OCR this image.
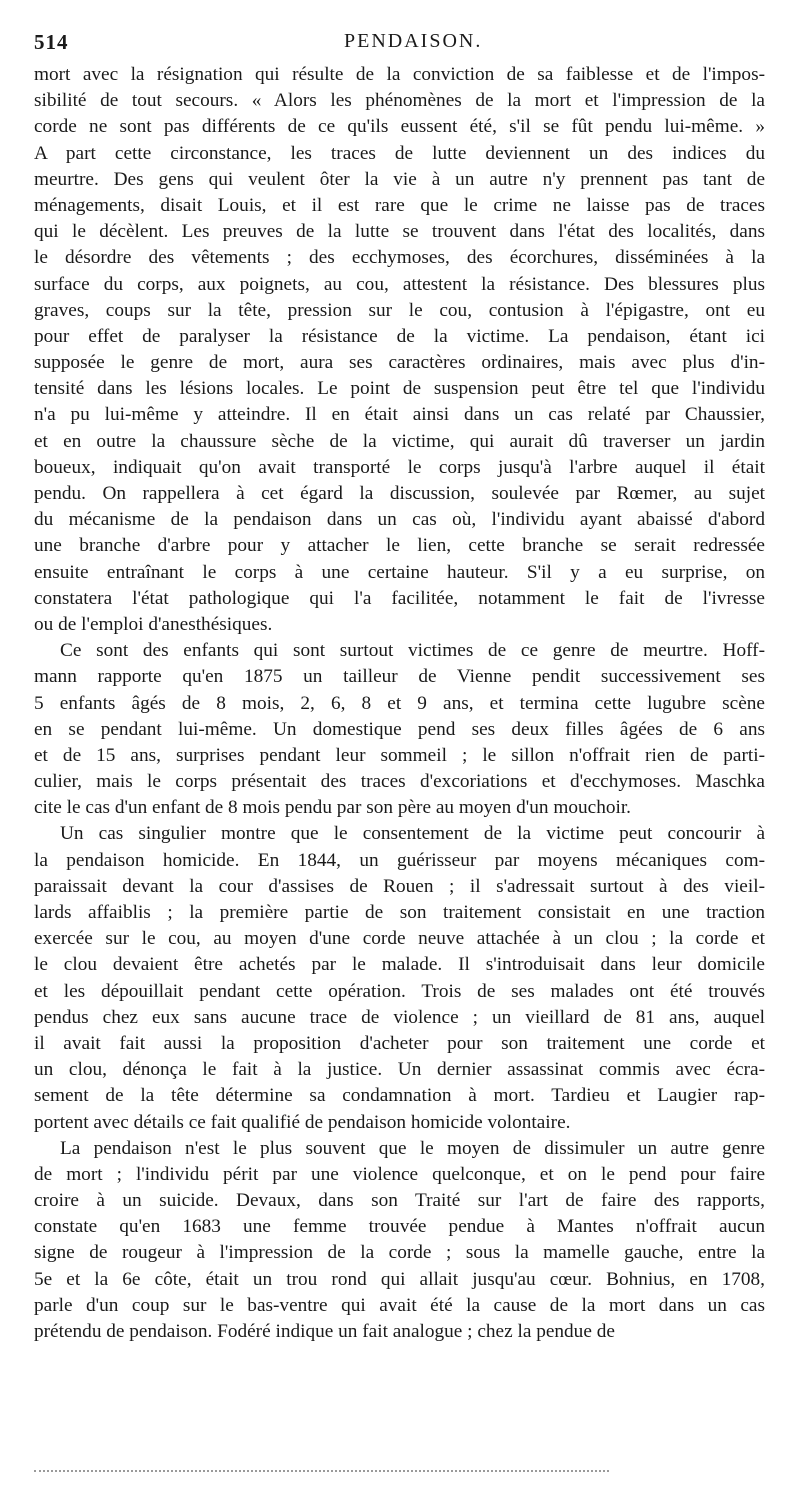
514	PENDAISON.
mort avec la résignation qui résulte de la conviction de sa faiblesse et de l'impos-
sibilité de tout secours. « Alors les phénomènes de la mort et l'impression de la
corde ne sont pas différents de ce qu'ils eussent été, s'il se fût pendu lui-même. »
A part cette circonstance, les traces de lutte deviennent un des indices du
meurtre. Des gens qui veulent ôter la vie à un autre n'y prennent pas tant de
ménagements, disait Louis, et il est rare que le crime ne laisse pas de traces
qui le décèlent. Les preuves de la lutte se trouvent dans l'état des localités, dans
le désordre des vêtements ; des ecchymoses, des écorchures, disséminées à la
surface du corps, aux poignets, au cou, attestent la résistance. Des blessures plus
graves, coups sur la tête, pression sur le cou, contusion à l'épigastre, ont eu
pour effet de paralyser la résistance de la victime. La pendaison, étant ici
supposée le genre de mort, aura ses caractères ordinaires, mais avec plus d'in-
tensité dans les lésions locales. Le point de suspension peut être tel que l'individu
n'a pu lui-même y atteindre. Il en était ainsi dans un cas relaté par Chaussier,
et en outre la chaussure sèche de la victime, qui aurait dû traverser un jardin
boueux, indiquait qu'on avait transporté le corps jusqu'à l'arbre auquel il était
pendu. On rappellera à cet égard la discussion, soulevée par Rœmer, au sujet
du mécanisme de la pendaison dans un cas où, l'individu ayant abaissé d'abord
une branche d'arbre pour y attacher le lien, cette branche se serait redressée
ensuite entraînant le corps à une certaine hauteur. S'il y a eu surprise, on
constatera l'état pathologique qui l'a facilitée, notamment le fait de l'ivresse
ou de l'emploi d'anesthésiques.
Ce sont des enfants qui sont surtout victimes de ce genre de meurtre. Hoff-
mann rapporte qu'en 1875 un tailleur de Vienne pendit successivement ses
5 enfants âgés de 8 mois, 2, 6, 8 et 9 ans, et termina cette lugubre scène
en se pendant lui-même. Un domestique pend ses deux filles âgées de 6 ans
et de 15 ans, surprises pendant leur sommeil ; le sillon n'offrait rien de parti-
culier, mais le corps présentait des traces d'excoriations et d'ecchymoses. Maschka
cite le cas d'un enfant de 8 mois pendu par son père au moyen d'un mouchoir.
Un cas singulier montre que le consentement de la victime peut concourir à
la pendaison homicide. En 1844, un guérisseur par moyens mécaniques com-
paraissait devant la cour d'assises de Rouen ; il s'adressait surtout à des vieil-
lards affaiblis ; la première partie de son traitement consistait en une traction
exercée sur le cou, au moyen d'une corde neuve attachée à un clou ; la corde et
le clou devaient être achetés par le malade. Il s'introduisait dans leur domicile
et les dépouillait pendant cette opération. Trois de ses malades ont été trouvés
pendus chez eux sans aucune trace de violence ; un vieillard de 81 ans, auquel
il avait fait aussi la proposition d'acheter pour son traitement une corde et
un clou, dénonça le fait à la justice. Un dernier assassinat commis avec écra-
sement de la tête détermine sa condamnation à mort. Tardieu et Laugier rap-
portent avec détails ce fait qualifié de pendaison homicide volontaire.
La pendaison n'est le plus souvent que le moyen de dissimuler un autre genre
de mort ; l'individu périt par une violence quelconque, et on le pend pour faire
croire à un suicide. Devaux, dans son Traité sur l'art de faire des rapports,
constate qu'en 1683 une femme trouvée pendue à Mantes n'offrait aucun
signe de rougeur à l'impression de la corde ; sous la mamelle gauche, entre la
5e et la 6e côte, était un trou rond qui allait jusqu'au cœur. Bohnius, en 1708,
parle d'un coup sur le bas-ventre qui avait été la cause de la mort dans un cas
prétendu de pendaison. Fodéré indique un fait analogue ; chez la pendue de
